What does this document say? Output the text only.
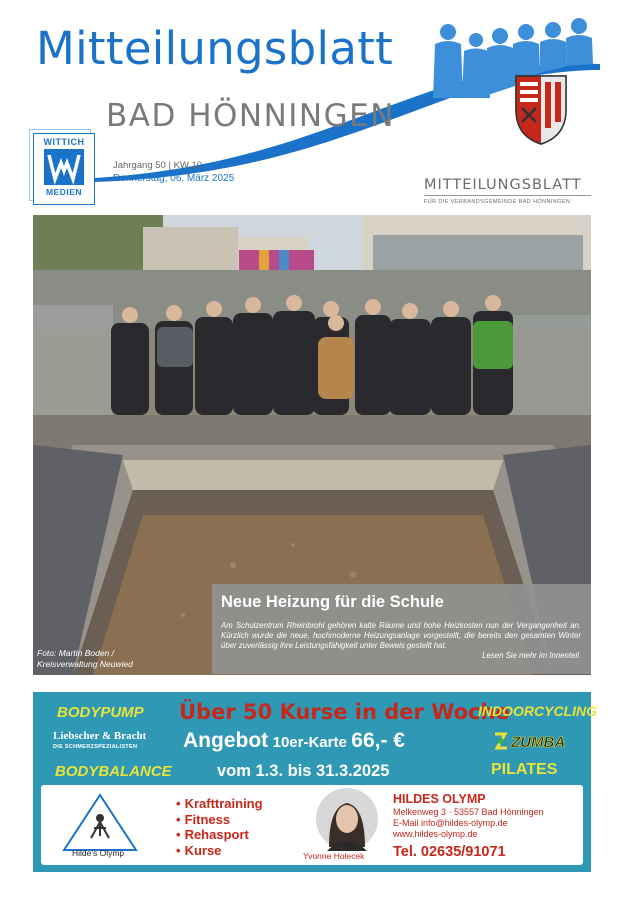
Mitteilungsblatt
BAD HÖNNINGEN
WITTICH
MEDIEN
Jahrgang 50 | KW 10
Donnerstag, 06. März 2025	MITTEILUNGSBLATT
FÜR DIE VERBANDSGEMEINDE BAD HÖNNINGEN
Foto: Martin Boden /
Kreisverwaltung Neuwied
Neue Heizung für die Schule
Am Schulzentrum Rheinbrohl gehören kalte Räume und hohe Heizkosten nun der Vergangenheit an. Kürzlich wurde die neue, hochmoderne Heizungsanlage vorgestellt, die bereits den gesamten Winter über zuverlässig ihre Leistungsfähigkeit unter Beweis gestellt hat.
Lesen Sie mehr im Innenteil.
BODYPUMP
Liebscher & Bracht
DIE SCHMERZSPEZIALISTEN
BODYBALANCE
Über 50 Kurse in der Woche
Angebot 10er-Karte 66,- €
vom 1.3. bis 31.3.2025
INDOORCYCLING
ZUMBA
PILATES
Hilde's Olymp
• Krafttraining
• Fitness
• Rehasport
• Kurse	Yvonne Holecek
HILDES OLYMP
Melkenweg 3 · 53557 Bad Hönningen
E-Mail info@hildes-olymp.de
www.hildes-olymp.de
Tel. 02635/91071
